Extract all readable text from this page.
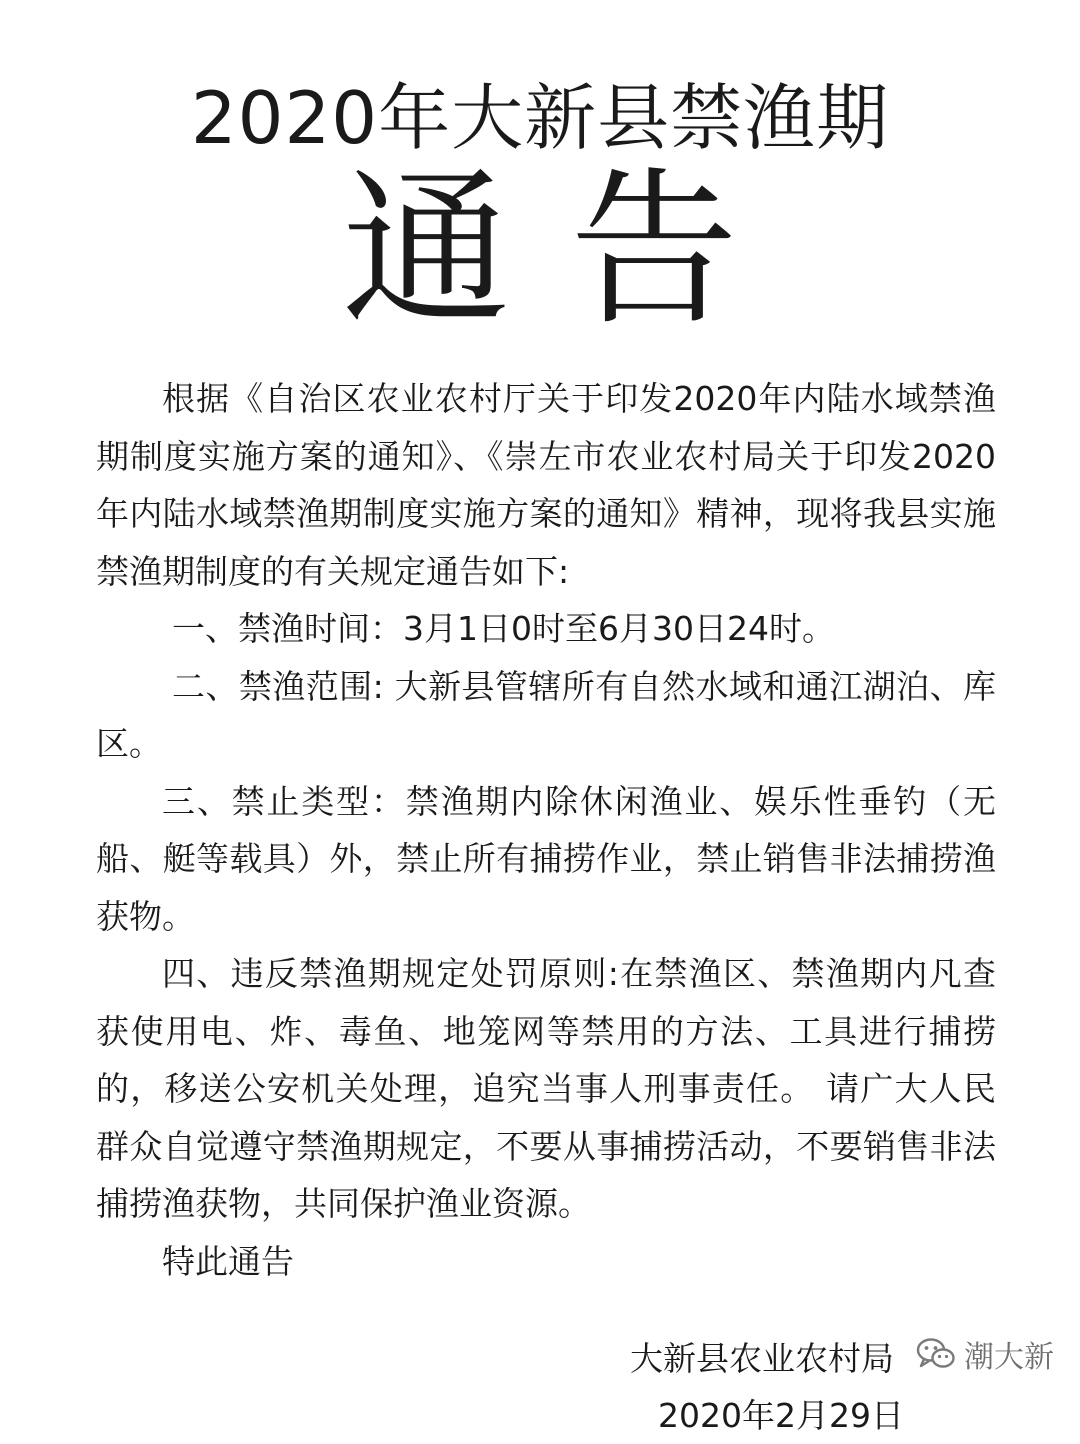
2020年大新县禁渔期
通告

根据《自治区农业农村厅关于印发2020年内陆水域禁渔期制度实施方案的通知》、《崇左市农业农村局关于印发2020年内陆水域禁渔期制度实施方案的通知》精神，现将我县实施禁渔期制度的有关规定通告如下:

一、禁渔时间：3月1日0时至6月30日24时。

二、禁渔范围: 大新县管辖所有自然水域和通江湖泊、库区。

三、禁止类型：禁渔期内除休闲渔业、娱乐性垂钓（无船、艇等载具）外，禁止所有捕捞作业，禁止销售非法捕捞渔获物。

四、违反禁渔期规定处罚原则:在禁渔区、禁渔期内凡查获使用电、炸、毒鱼、地笼网等禁用的方法、工具进行捕捞的，移送公安机关处理，追究当事人刑事责任。 请广大人民群众自觉遵守禁渔期规定，不要从事捕捞活动，不要销售非法捕捞渔获物，共同保护渔业资源。

特此通告

大新县农业农村局
2020年2月29日
潮大新
